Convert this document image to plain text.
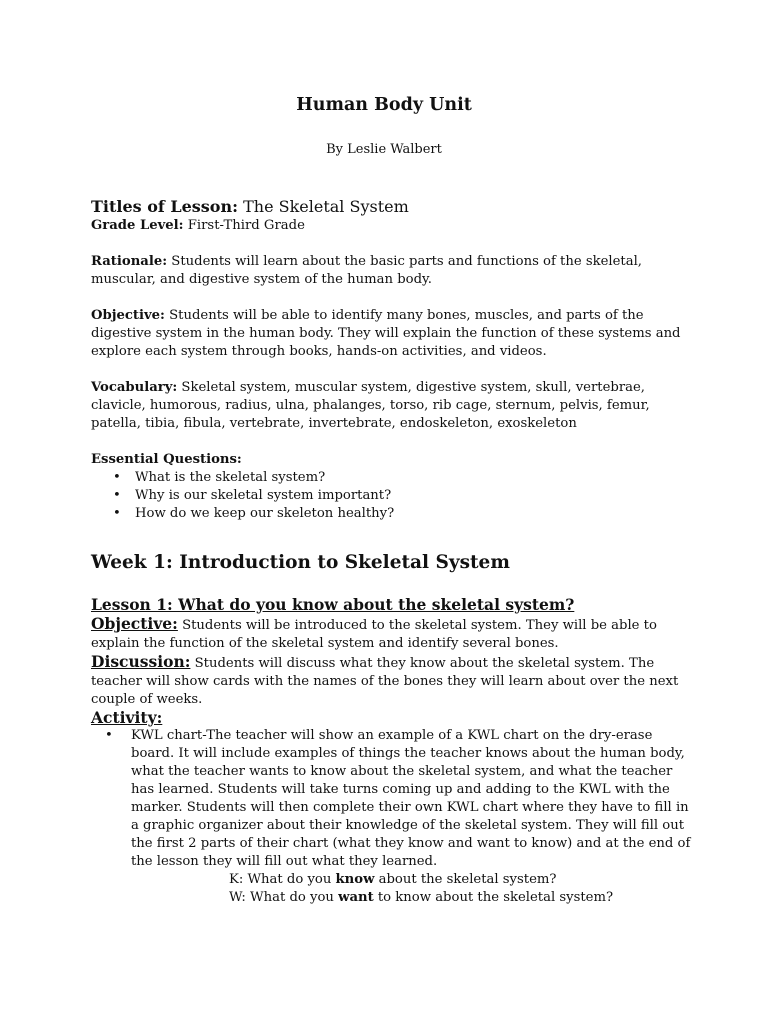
Human Body Unit
By Leslie Walbert

Titles of Lesson: The Skeletal System

Grade Level: First-Third Grade

Rationale: Students will learn about the basic parts and functions of the skeletal, muscular, and digestive system of the human body.

Objective: Students will be able to identify many bones, muscles, and parts of the digestive system in the human body. They will explain the function of these systems and explore each system through books, hands-on activities, and videos.

Vocabulary: Skeletal system, muscular system, digestive system, skull, vertebrae, clavicle, humorous, radius, ulna, phalanges, torso, rib cage, sternum, pelvis, femur, patella, tibia, fibula, vertebrate, invertebrate, endoskeleton, exoskeleton

Essential Questions:

• What is the skeletal system?
• Why is our skeletal system important?
• How do we keep our skeleton healthy?
Week 1: Introduction to Skeletal System

Lesson 1: What do you know about the skeletal system?

Objective: Students will be introduced to the skeletal system. They will be able to explain the function of the skeletal system and identify several bones.

Discussion: Students will discuss what they know about the skeletal system. The teacher will show cards with the names of the bones they will learn about over the next couple of weeks.

Activity:

• KWL chart-The teacher will show an example of a KWL chart on the dry-erase board. It will include examples of things the teacher knows about the human body, what the teacher wants to know about the skeletal system, and what the teacher has learned. Students will take turns coming up and adding to the KWL with the marker. Students will then complete their own KWL chart where they have to fill in a graphic organizer about their knowledge of the skeletal system. They will fill out the first 2 parts of their chart (what they know and want to know) and at the end of the lesson they will fill out what they learned.

K: What do you know about the skeletal system?

W: What do you want to know about the skeletal system?
